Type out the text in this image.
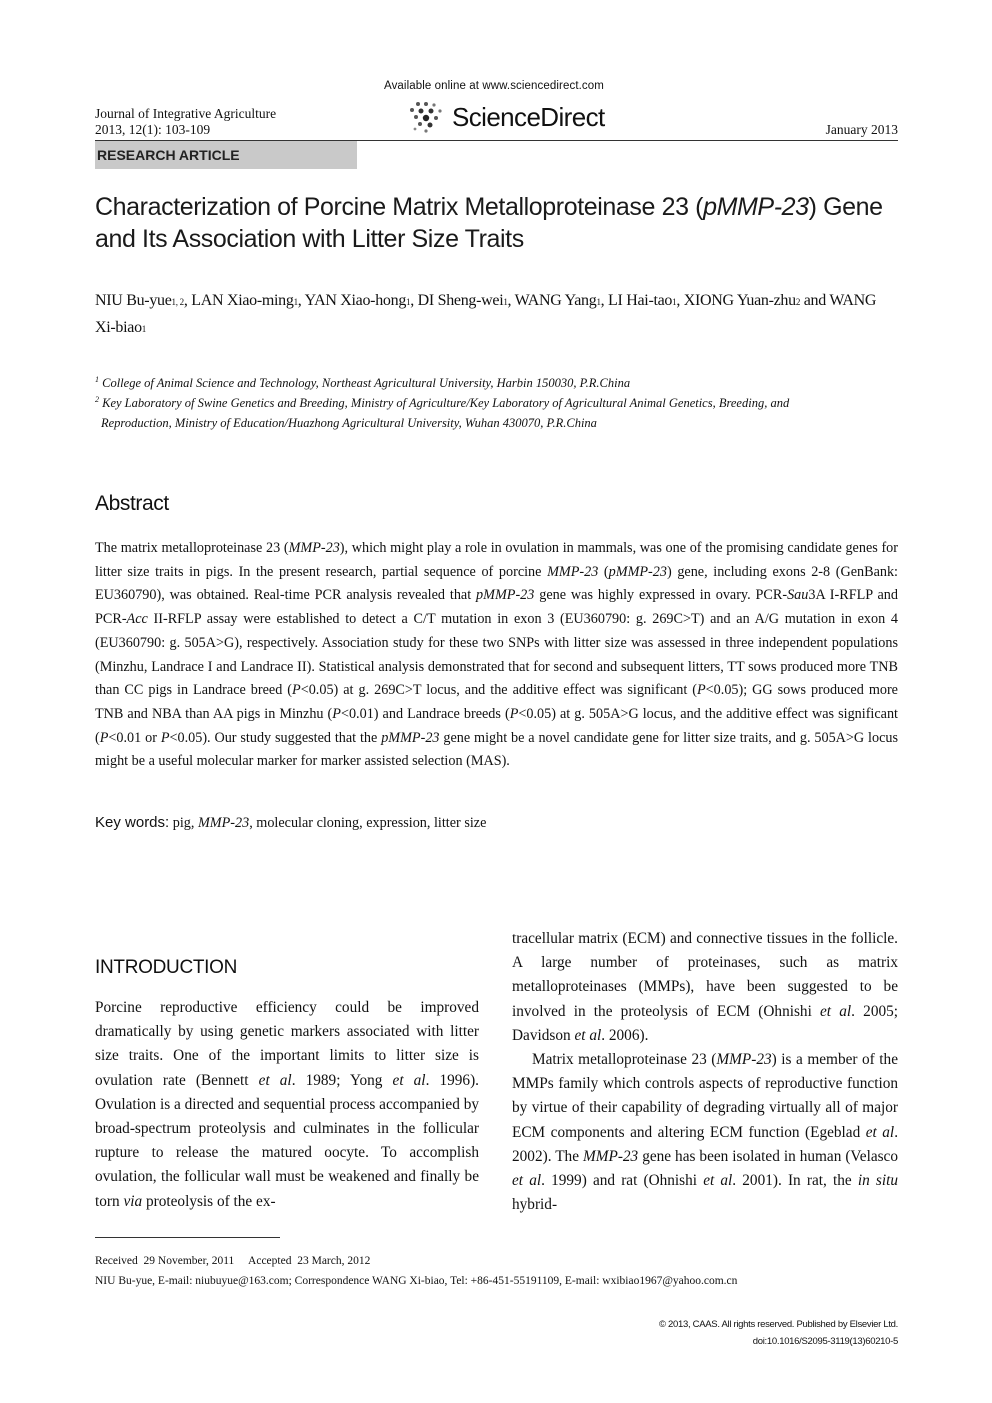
Journal of Integrative Agriculture
2013, 12(1): 103-109
Available online at www.sciencedirect.com
ScienceDirect	January 2013
RESEARCH ARTICLE
Characterization of Porcine Matrix Metalloproteinase 23 (pMMP-23) Gene and Its Association with Litter Size Traits
NIU Bu-yue$^{1, 2}$, LAN Xiao-ming$^1$, YAN Xiao-hong$^1$, DI Sheng-wei$^1$, WANG Yang$^1$, LI Hai-tao$^1$, XIONG Yuan-zhu$^2$ and WANG Xi-biao$^1$
$^1$ College of Animal Science and Technology, Northeast Agricultural University, Harbin 150030, P.R.China
$^2$ Key Laboratory of Swine Genetics and Breeding, Ministry of Agriculture/Key Laboratory of Agricultural Animal Genetics, Breeding, and
Reproduction, Ministry of Education/Huazhong Agricultural University, Wuhan 430070, P.R.China
Abstract
The matrix metalloproteinase 23 (MMP-23), which might play a role in ovulation in mammals, was one of the promising candidate genes for litter size traits in pigs. In the present research, partial sequence of porcine MMP-23 (pMMP-23) gene, including exons 2-8 (GenBank: EU360790), was obtained. Real-time PCR analysis revealed that pMMP-23 gene was highly expressed in ovary. PCR-Sau3A I-RFLP and PCR-Acc II-RFLP assay were established to detect a C/T mutation in exon 3 (EU360790: g. 269C>T) and an A/G mutation in exon 4 (EU360790: g. 505A>G), respectively. Association study for these two SNPs with litter size was assessed in three independent populations (Minzhu, Landrace I and Landrace II). Statistical analysis demonstrated that for second and subsequent litters, TT sows produced more TNB than CC pigs in Landrace breed (P<0.05) at g. 269C>T locus, and the additive effect was significant (P<0.05); GG sows produced more TNB and NBA than AA pigs in Minzhu (P<0.01) and Landrace breeds (P<0.05) at g. 505A>G locus, and the additive effect was significant (P<0.01 or P<0.05). Our study suggested that the pMMP-23 gene might be a novel candidate gene for litter size traits, and g. 505A>G locus might be a useful molecular marker for marker assisted selection (MAS).
Key words: pig, MMP-23, molecular cloning, expression, litter size
INTRODUCTION
Porcine reproductive efficiency could be improved dramatically by using genetic markers associated with litter size traits. One of the important limits to litter size is ovulation rate (Bennett et al. 1989; Yong et al. 1996). Ovulation is a directed and sequential process accompanied by broad-spectrum proteolysis and culminates in the follicular rupture to release the matured oocyte. To accomplish ovulation, the follicular wall must be weakened and finally be torn via proteolysis of the ex-

tracellular matrix (ECM) and connective tissues in the follicle. A large number of proteinases, such as matrix metalloproteinases (MMPs), have been suggested to be involved in the proteolysis of ECM (Ohnishi et al. 2005; Davidson et al. 2006).

Matrix metalloproteinase 23 (MMP-23) is a member of the MMPs family which controls aspects of reproductive function by virtue of their capability of degrading virtually all of major ECM components and altering ECM function (Egeblad et al. 2002). The MMP-23 gene has been isolated in human (Velasco et al. 1999) and rat (Ohnishi et al. 2001). In rat, the in situ hybrid-

Received  29 November, 2011     Accepted  23 March, 2012
NIU Bu-yue, E-mail: niubuyue@163.com; Correspondence WANG Xi-biao, Tel: +86-451-55191109, E-mail: wxibiao1967@yahoo.com.cn
© 2013, CAAS. All rights reserved. Published by Elsevier Ltd.
doi:10.1016/S2095-3119(13)60210-5
